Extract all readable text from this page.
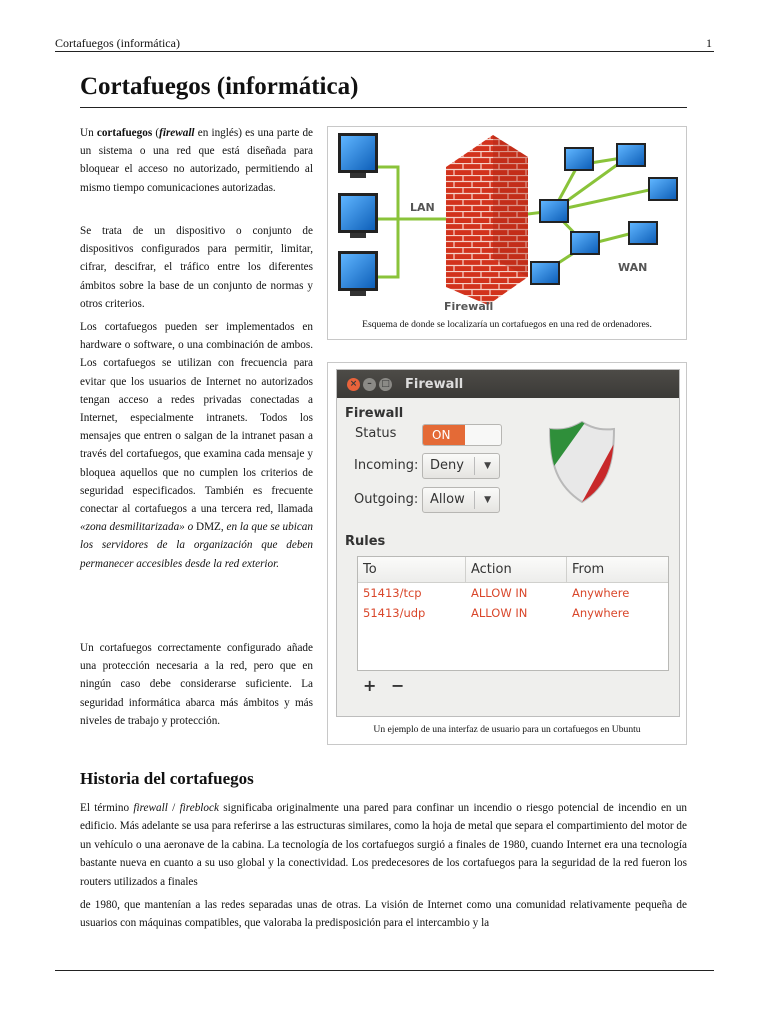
Cortafuegos (informática)	1
Cortafuegos (informática)

Un cortafuegos (firewall en inglés) es una parte de un sistema o una red que está diseñada para bloquear el acceso no autorizado, permitiendo al mismo tiempo comunicaciones autorizadas.

Se trata de un dispositivo o conjunto de dispositivos configurados para permitir, limitar, cifrar, descifrar, el tráfico entre los diferentes ámbitos sobre la base de un conjunto de normas y otros criterios.

Los cortafuegos pueden ser implementados en hardware o software, o una combinación de ambos. Los cortafuegos se utilizan con frecuencia para evitar que los usuarios de Internet no autorizados tengan acceso a redes privadas conectadas a Internet, especialmente intranets. Todos los mensajes que entren o salgan de la intranet pasan a través del cortafuegos, que examina cada mensaje y bloquea aquellos que no cumplen los criterios de seguridad especificados. También es frecuente conectar al cortafuegos a una tercera red, llamada «zona desmilitarizada» o DMZ, en la que se ubican los servidores de la organización que deben permanecer accesibles desde la red exterior.

Un cortafuegos correctamente configurado añade una protección necesaria a la red, pero que en ningún caso debe considerarse suficiente. La seguridad informática abarca más ámbitos y más niveles de trabajo y protección.

LAN
WAN
Firewall
Esquema de donde se localizaría un cortafuegos en una red de ordenadores.
×	–	□ Firewall
Firewall
Status	ON
Incoming: Deny ▼
Outgoing: Allow ▼
Rules
To	Action	From
51413/tcp	ALLOW IN	Anywhere
51413/udp	ALLOW IN	Anywhere
+ −
Un ejemplo de una interfaz de usuario para un cortafuegos en Ubuntu
Historia del cortafuegos

El término firewall / fireblock significaba originalmente una pared para confinar un incendio o riesgo potencial de incendio en un edificio. Más adelante se usa para referirse a las estructuras similares, como la hoja de metal que separa el compartimiento del motor de un vehículo o una aeronave de la cabina. La tecnología de los cortafuegos surgió a finales de 1980, cuando Internet era una tecnología bastante nueva en cuanto a su uso global y la conectividad. Los predecesores de los cortafuegos para la seguridad de la red fueron los routers utilizados a finales

de 1980, que mantenían a las redes separadas unas de otras. La visión de Internet como una comunidad relativamente pequeña de usuarios con máquinas compatibles, que valoraba la predisposición para el intercambio y la
